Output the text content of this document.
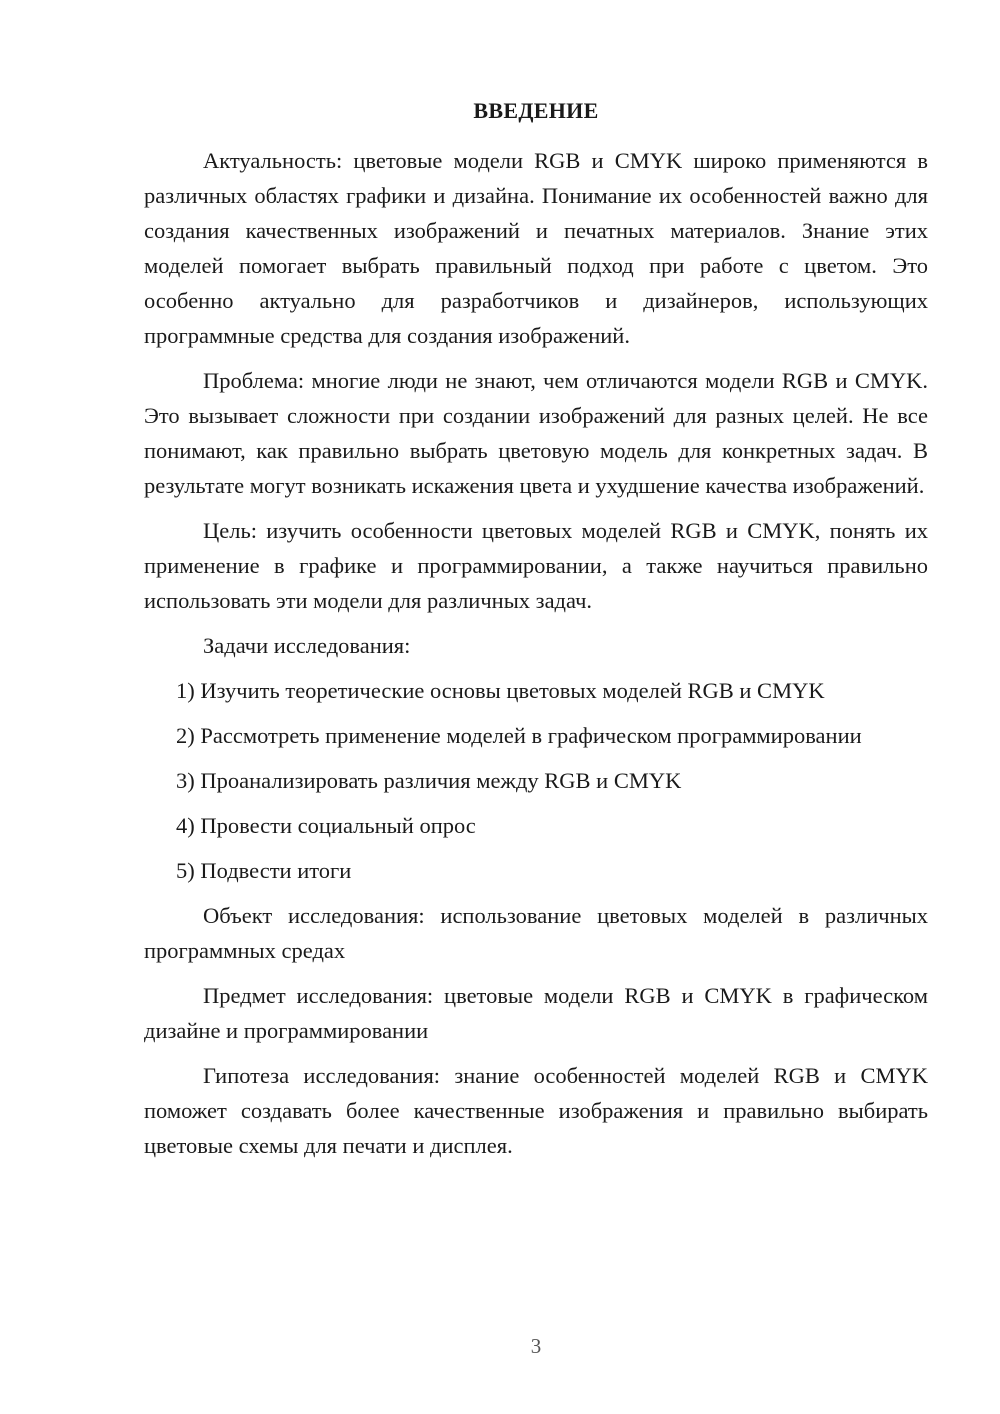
ВВЕДЕНИЕ

Актуальность: цветовые модели RGB и CMYK широко применяются в различных областях графики и дизайна. Понимание их особенностей важно для создания качественных изображений и печатных материалов. Знание этих моделей помогает выбрать правильный подход при работе с цветом. Это особенно актуально для разработчиков и дизайнеров, использующих программные средства для создания изображений.

Проблема: многие люди не знают, чем отличаются модели RGB и CMYK. Это вызывает сложности при создании изображений для разных целей. Не все понимают, как правильно выбрать цветовую модель для конкретных задач. В результате могут возникать искажения цвета и ухудшение качества изображений.

Цель: изучить особенности цветовых моделей RGB и CMYK, понять их применение в графике и программировании, а также научиться правильно использовать эти модели для различных задач.

Задачи исследования:

1) Изучить теоретические основы цветовых моделей RGB и CMYK

2) Рассмотреть применение моделей в графическом программировании

3) Проанализировать различия между RGB и CMYK

4) Провести социальный опрос

5) Подвести итоги

Объект исследования: использование цветовых моделей в различных программных средах

Предмет исследования: цветовые модели RGB и CMYK в графическом дизайне и программировании

Гипотеза исследования: знание особенностей моделей RGB и CMYK поможет создавать более качественные изображения и правильно выбирать цветовые схемы для печати и дисплея.

3
